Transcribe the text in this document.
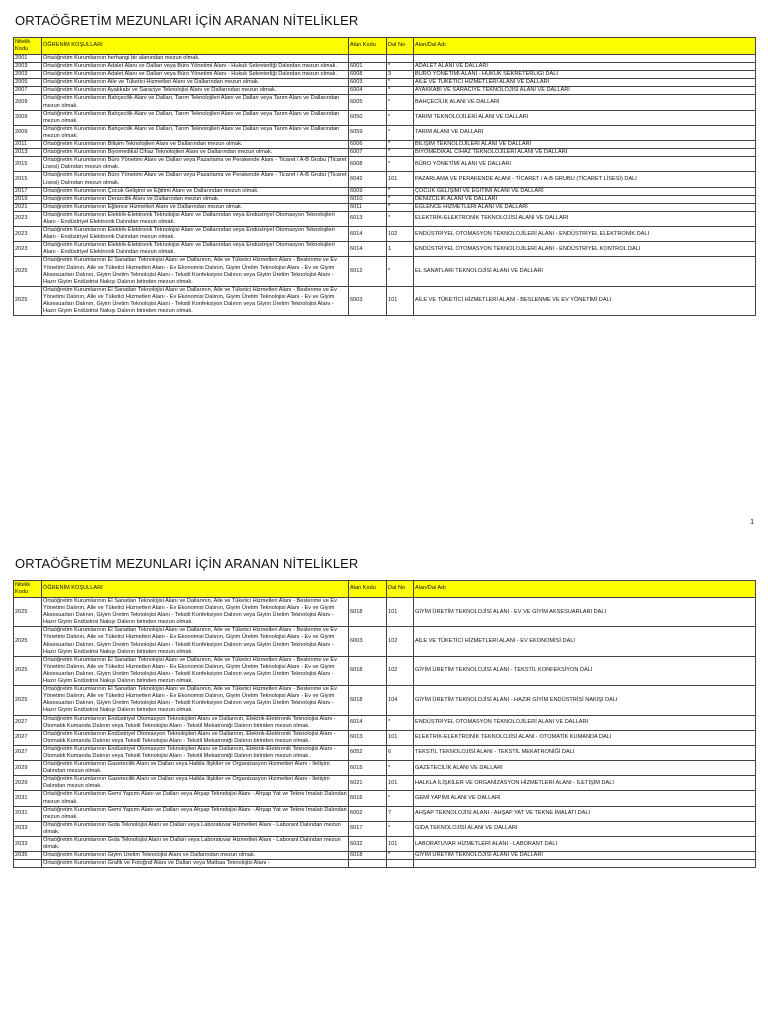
ORTAÖĞRETİM MEZUNLARI İÇİN ARANAN NİTELİKLER
Nitelik Kodu	ÖĞRENİM KOŞULLARI	Alan Kodu	Dal No	Alan/Dal Adı
2001	Ortaöğretim Kurumlarının herhangi bir alanından mezun olmak.			
2003	Ortaöğretim Kurumlarının Adalet Alanı ve Dalları veya Büro Yönetimi Alanı - Hukuk Sekreterliği Dalından mezun olmak.	6001	*	ADALET ALANI VE DALLARI
2003	Ortaöğretim Kurumlarının Adalet Alanı ve Dalları veya Büro Yönetimi Alanı - Hukuk Sekreterliği Dalından mezun olmak.	6008	3	BÜRO YÖNETİMİ ALANI - HUKUK SEKRETERLİĞİ DALI
2005	Ortaöğretim Kurumlarının Aile ve Tüketici Hizmetleri Alanı ve Dallarından mezun olmak.	6003	*	AİLE VE TÜKETİCİ HİZMETLERİ ALANI VE DALLARI
2007	Ortaöğretim Kurumlarının Ayakkabı ve Saraciye Teknolojisi Alanı ve Dallarından mezun olmak.	6004	*	AYAKKABI VE SARACİYE TEKNOLOJİSİ ALANI VE DALLARI
2009	Ortaöğretim Kurumlarının Bahçecilik Alanı ve Dalları, Tarım Teknolojileri Alanı ve Dalları veya Tarım Alanı ve Dallarından mezun olmak.	6005	*	BAHÇECİLİK ALANI VE DALLARI
2009	Ortaöğretim Kurumlarının Bahçecilik Alanı ve Dalları, Tarım Teknolojileri Alanı ve Dalları veya Tarım Alanı ve Dallarından mezun olmak.	6050	*	TARIM TEKNOLOJİLERİ ALANI VE DALLARI
2009	Ortaöğretim Kurumlarının Bahçecilik Alanı ve Dalları, Tarım Teknolojileri Alanı ve Dalları veya Tarım Alanı ve Dallarından mezun olmak.	6059	*	TARIM ALANI VE DALLARI
2011	Ortaöğretim Kurumlarının Bilişim Teknolojileri Alanı ve Dallarından mezun olmak.	6006	*	BİLİŞİM TEKNOLOJİLERİ ALANI VE DALLARI
2013	Ortaöğretim Kurumlarının Biyomedikal Cihaz Teknolojileri Alanı ve Dallarından mezun olmak.	6007	*	BİYOMEDİKAL CİHAZ TEKNOLOJİLERİ ALANI VE DALLARI
2015	Ortaöğretim Kurumlarının Büro Yönetimi Alanı ve Dalları veya Pazarlama ve Perakende Alanı - Ticaret / A-B Grubu (Ticaret Lisesi) Dalından mezun olmak.	6008	*	BÜRO YÖNETİMİ ALANI VE DALLARI
2015	Ortaöğretim Kurumlarının Büro Yönetimi Alanı ve Dalları veya Pazarlama ve Perakende Alanı - Ticaret / A-B Grubu (Ticaret Lisesi) Dalından mezun olmak.	6042	101	PAZARLAMA VE PERAKENDE ALANI - TİCARET / A-B GRUBU (TİCARET LİSESİ) DALI
2017	Ortaöğretim Kurumlarının Çocuk Gelişimi ve Eğitimi Alanı ve Dallarından mezun olmak.	6009	*	ÇOCUK GELİŞİMİ VE EĞİTİMİ ALANI VE DALLARI
2019	Ortaöğretim Kurumlarının Denizcilik Alanı ve Dallarından mezun olmak.	6010	*	DENİZCİLİK ALANI VE DALLARI
2021	Ortaöğretim Kurumlarının Eğlence Hizmetleri Alanı ve Dallarından mezun olmak.	6011	*	EĞLENCE HİZMETLERİ ALANI VE DALLARI
2023	Ortaöğretim Kurumlarının Elektrik-Elektronik Teknolojisi Alanı ve Dallarından veya Endüstriyel Otomasyon Teknolojileri Alanı - Endüstriyel Elektronik Dalından mezun olmak.	6013	*	ELEKTRİK-ELEKTRONİK TEKNOLOJİSİ ALANI VE DALLARI
2023	Ortaöğretim Kurumlarının Elektrik-Elektronik Teknolojisi Alanı ve Dallarından veya Endüstriyel Otomasyon Teknolojileri Alanı - Endüstriyel Elektronik Dalından mezun olmak.	6014	102	ENDÜSTRİYEL OTOMASYON TEKNOLOJİLERİ ALANI - ENDÜSTRİYEL ELEKTRONİK DALI
2023	Ortaöğretim Kurumlarının Elektrik-Elektronik Teknolojisi Alanı ve Dallarından veya Endüstriyel Otomasyon Teknolojileri Alanı - Endüstriyel Elektronik Dalından mezun olmak.	6014	1	ENDÜSTRİYEL OTOMASYON TEKNOLOJİLERİ ALANI - ENDÜSTRİYEL KONTROL DALI
2025	Ortaöğretim Kurumlarının El Sanatları Teknolojisi Alanı ve Dallarının, Aile ve Tüketici Hizmetleri Alanı - Beslenme ve Ev Yönetimi Dalının, Aile ve Tüketici Hizmetleri Alanı - Ev Ekonomisi Dalının, Giyim Üretim Teknolojisi Alanı - Ev ve Giyim Aksesuarları Dalının, Giyim Üretim Teknolojisi Alanı - Tekstil Konfeksiyon Dalının veya Giyim Üretim Teknolojisi Alanı - Hazır Giyim Endüstrisi Nakışı Dalının birinden mezun olmak.	6012	*	EL SANATLARI TEKNOLOJİSİ ALANI VE DALLARI
2025	Ortaöğretim Kurumlarının El Sanatları Teknolojisi Alanı ve Dallarının, Aile ve Tüketici Hizmetleri Alanı - Beslenme ve Ev Yönetimi Dalının, Aile ve Tüketici Hizmetleri Alanı - Ev Ekonomisi Dalının, Giyim Üretim Teknolojisi Alanı - Ev ve Giyim Aksesuarları Dalının, Giyim Üretim Teknolojisi Alanı - Tekstil Konfeksiyon Dalının veya Giyim Üretim Teknolojisi Alanı - Hazır Giyim Endüstrisi Nakışı Dalının birinden mezun olmak.	6003	101	AİLE VE TÜKETİCİ HİZMETLERİ ALANI - BESLENME VE EV YÖNETİMİ DALI
1
ORTAÖĞRETİM MEZUNLARI İÇİN ARANAN NİTELİKLER
Nitelik Kodu	ÖĞRENİM KOŞULLARI	Alan Kodu	Dal No	Alan/Dal Adı
2025	Ortaöğretim Kurumlarının El Sanatları Teknolojisi Alanı ve Dallarının, Aile ve Tüketici Hizmetleri Alanı - Beslenme ve Ev Yönetimi Dalının, Aile ve Tüketici Hizmetleri Alanı - Ev Ekonomisi Dalının, Giyim Üretim Teknolojisi Alanı - Ev ve Giyim Aksesuarları Dalının, Giyim Üretim Teknolojisi Alanı - Tekstil Konfeksiyon Dalının veya Giyim Üretim Teknolojisi Alanı - Hazır Giyim Endüstrisi Nakışı Dalının birinden mezun olmak.	6018	101	GİYİM ÜRETİM TEKNOLOJİSİ ALANI - EV VE GİYİM AKSESUARLARI DALI
2025	Ortaöğretim Kurumlarının El Sanatları Teknolojisi Alanı ve Dallarının, Aile ve Tüketici Hizmetleri Alanı - Beslenme ve Ev Yönetimi Dalının, Aile ve Tüketici Hizmetleri Alanı - Ev Ekonomisi Dalının, Giyim Üretim Teknolojisi Alanı - Ev ve Giyim Aksesuarları Dalının, Giyim Üretim Teknolojisi Alanı - Tekstil Konfeksiyon Dalının veya Giyim Üretim Teknolojisi Alanı - Hazır Giyim Endüstrisi Nakışı Dalının birinden mezun olmak.	6003	102	AİLE VE TÜKETİCİ HİZMETLERİ ALANI - EV EKONOMİSİ DALI
2025	Ortaöğretim Kurumlarının El Sanatları Teknolojisi Alanı ve Dallarının, Aile ve Tüketici Hizmetleri Alanı - Beslenme ve Ev Yönetimi Dalının, Aile ve Tüketici Hizmetleri Alanı - Ev Ekonomisi Dalının, Giyim Üretim Teknolojisi Alanı - Ev ve Giyim Aksesuarları Dalının, Giyim Üretim Teknolojisi Alanı - Tekstil Konfeksiyon Dalının veya Giyim Üretim Teknolojisi Alanı - Hazır Giyim Endüstrisi Nakışı Dalının birinden mezun olmak.	6018	102	GİYİM ÜRETİM TEKNOLOJİSİ ALANI - TEKSTİL KONFEKSİYON DALI
2025	Ortaöğretim Kurumlarının El Sanatları Teknolojisi Alanı ve Dallarının, Aile ve Tüketici Hizmetleri Alanı - Beslenme ve Ev Yönetimi Dalının, Aile ve Tüketici Hizmetleri Alanı - Ev Ekonomisi Dalının, Giyim Üretim Teknolojisi Alanı - Ev ve Giyim Aksesuarları Dalının, Giyim Üretim Teknolojisi Alanı - Tekstil Konfeksiyon Dalının veya Giyim Üretim Teknolojisi Alanı - Hazır Giyim Endüstrisi Nakışı Dalının birinden mezun olmak.	6018	104	GİYİM ÜRETİM TEKNOLOJİSİ ALANI - HAZIR GİYİM ENDÜSTRİSİ NAKIŞI DALI
2027	Ortaöğretim Kurumlarının Endüstriyel Otomasyon Teknolojileri Alanı ve Dallarının, Elektrik-Elektronik Teknolojisi Alanı - Otomatik Kumanda Dalının veya Tekstil Teknolojisi Alanı - Tekstil Mekatroniği Dalının birinden mezun olmak.	6014	*	ENDÜSTRİYEL OTOMASYON TEKNOLOJİLERİ ALANI VE DALLARI
2027	Ortaöğretim Kurumlarının Endüstriyel Otomasyon Teknolojileri Alanı ve Dallarının, Elektrik-Elektronik Teknolojisi Alanı - Otomatik Kumanda Dalının veya Tekstil Teknolojisi Alanı - Tekstil Mekatroniği Dalının birinden mezun olmak.	6013	101	ELEKTRİK-ELEKTRONİK TEKNOLOJİSİ ALANI - OTOMATİK KUMANDA DALI
2027	Ortaöğretim Kurumlarının Endüstriyel Otomasyon Teknolojileri Alanı ve Dallarının, Elektrik-Elektronik Teknolojisi Alanı - Otomatik Kumanda Dalının veya Tekstil Teknolojisi Alanı - Tekstil Mekatroniği Dalının birinden mezun olmak.	6052	6	TEKSTİL TEKNOLOJİSİ ALANI - TEKSTİL MEKATRONİĞİ DALI
2029	Ortaöğretim Kurumlarının Gazetecilik Alanı ve Dalları veya Halkla İlişkiler ve Organizasyon Hizmetleri Alanı - İletişim Dalından mezun olmak.	6015	*	GAZETECİLİK ALANI VE DALLARI
2029	Ortaöğretim Kurumlarının Gazetecilik Alanı ve Dalları veya Halkla İlişkiler ve Organizasyon Hizmetleri Alanı - İletişim Dalından mezun olmak.	6021	101	HALKLA İLİŞKİLER VE ORGANİZASYON HİZMETLERİ ALANI - İLETİŞİM DALI
2031	Ortaöğretim Kurumlarının Gemi Yapımı Alanı ve Dalları veya Ahşap Teknolojisi Alanı - Ahşap Yat ve Tekne İmalatı Dalından mezun olmak.	6016	*	GEMİ YAPIMI ALANI VE DALLARI
2031	Ortaöğretim Kurumlarının Gemi Yapımı Alanı ve Dalları veya Ahşap Teknolojisi Alanı - Ahşap Yat ve Tekne İmalatı Dalından mezun olmak.	6002	7	AHŞAP TEKNOLOJİSİ ALANI - AHŞAP YAT VE TEKNE İMALATI DALI
2033	Ortaöğretim Kurumlarının Gıda Teknolojisi Alanı ve Dalları veya Laboratuvar Hizmetleri Alanı - Laborant Dalından mezun olmak.	6017	*	GIDA TEKNOLOJİSİ ALANI VE DALLARI
2033	Ortaöğretim Kurumlarının Gıda Teknolojisi Alanı ve Dalları veya Laboratuvar Hizmetleri Alanı - Laborant Dalından mezun olmak.	6032	101	LABORATUVAR HİZMETLERİ ALANI - LABORANT DALI
2035	Ortaöğretim Kurumlarının Giyim Üretim Teknolojisi Alanı ve Dallarından mezun olmak.	6018	*	GİYİM ÜRETİM TEKNOLOJİSİ ALANI VE DALLARI
	Ortaöğretim Kurumlarının Grafik ve Fotoğraf Alanı ve Dalları veya Matbaa Teknolojisi Alanı -			
